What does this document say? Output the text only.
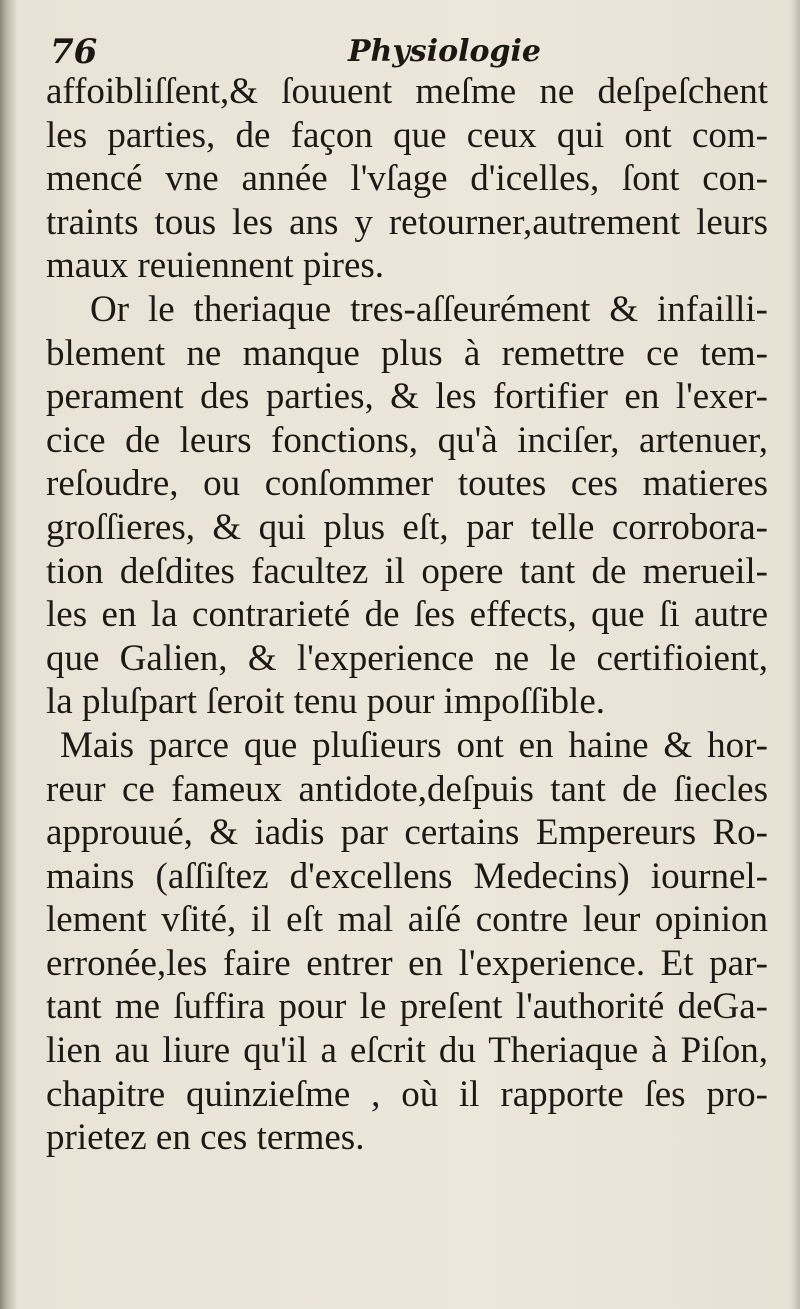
76	Physiologie
affoibliſſent,& ſouuent meſme ne deſpeſchent
les parties, de façon que ceux qui ont com-
mencé vne année l'vſage d'icelles, ſont con-
traints tous les ans y retourner,autrement leurs
maux reuiennent pires.
Or le theriaque tres-aſſeurément & infailli-
blement ne manque plus à remettre ce tem-
perament des parties, & les fortifier en l'exer-
cice de leurs fonctions, qu'à inciſer, artenuer,
reſoudre, ou conſommer toutes ces matieres
groſſieres, & qui plus eſt, par telle corrobora-
tion deſdites facultez il opere tant de merueil-
les en la contrarieté de ſes effects, que ſi autre
que Galien, & l'experience ne le certifioient,
la pluſpart ſeroit tenu pour impoſſible.
Mais parce que pluſieurs ont en haine & hor-
reur ce fameux antidote,deſpuis tant de ſiecles
approuué, & iadis par certains Empereurs Ro-
mains (aſſiſtez d'excellens Medecins) iournel-
lement vſité, il eſt mal aiſé contre leur opinion
erronée,les faire entrer en l'experience. Et par-
tant me ſuffira pour le preſent l'authorité deGa-
lien au liure qu'il a eſcrit du Theriaque à Piſon,
chapitre quinzieſme , où il rapporte ſes pro-
prietez en ces termes.
